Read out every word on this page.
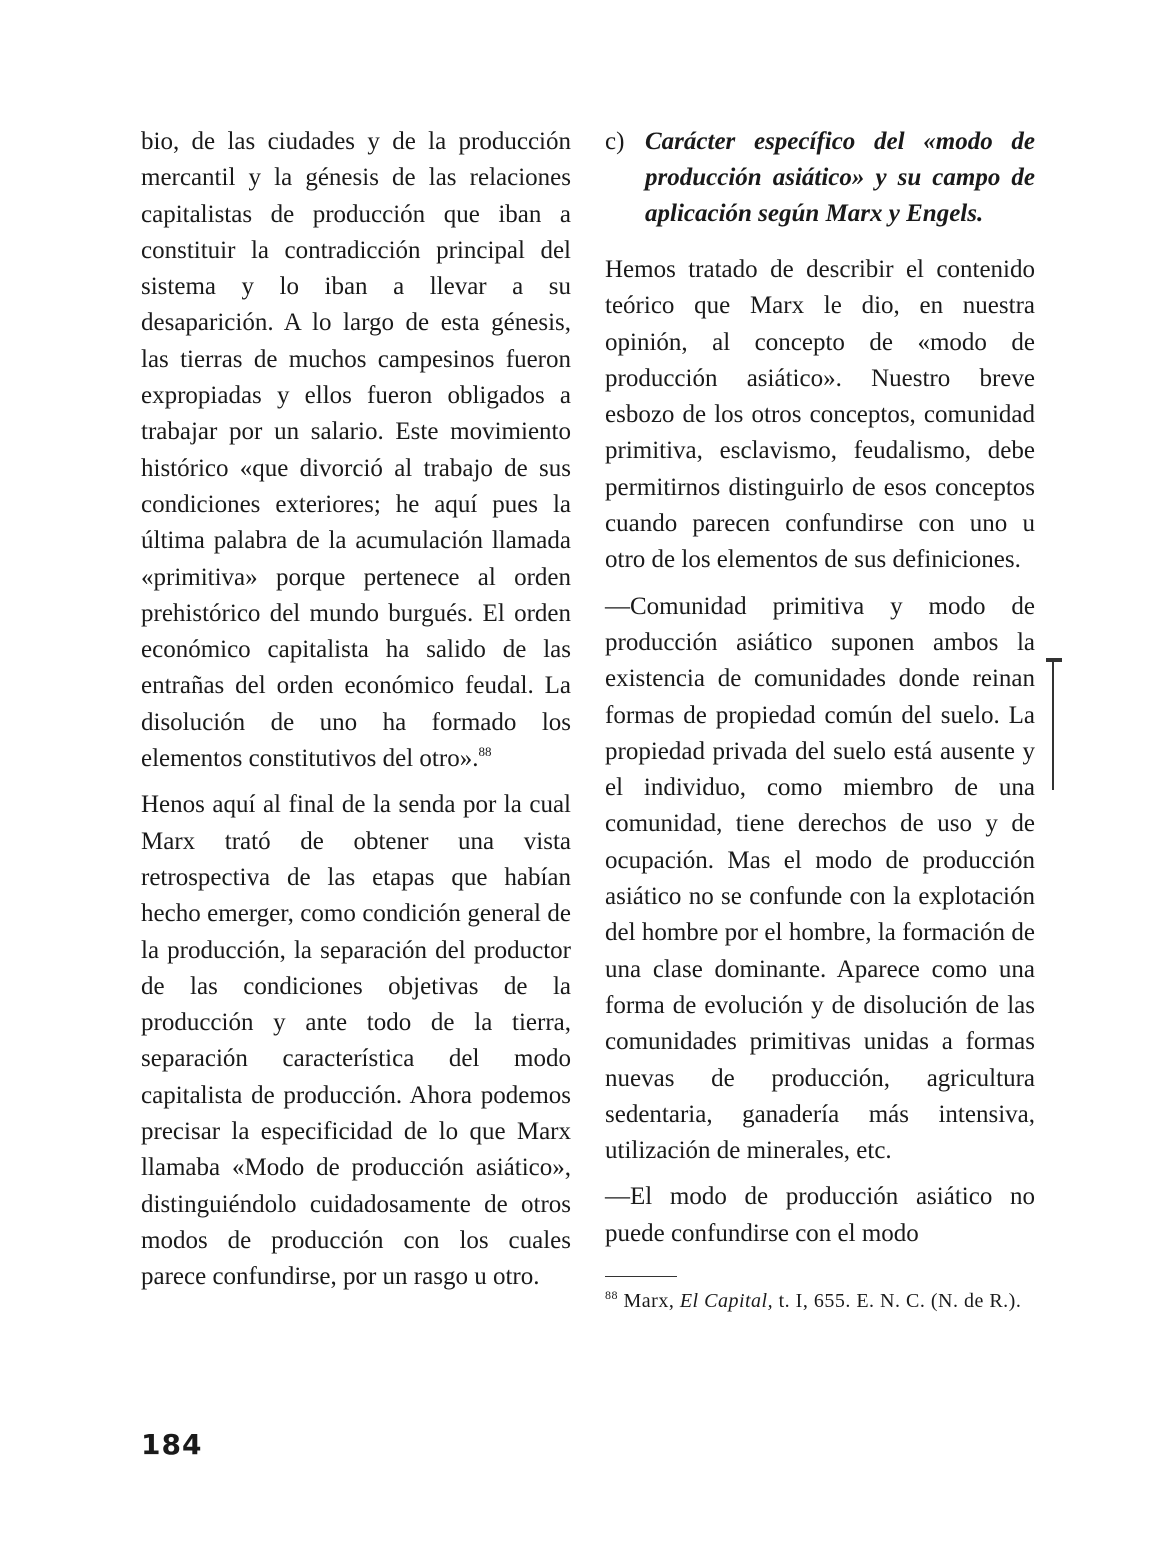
bio, de las ciudades y de la producción mercantil y la génesis de las relaciones capitalistas de producción que iban a constituir la contradicción principal del sistema y lo iban a llevar a su desaparición. A lo largo de esta génesis, las tierras de muchos campesinos fueron expropiadas y ellos fueron obligados a trabajar por un salario. Este movimiento histórico «que divorció al trabajo de sus condiciones exteriores; he aquí pues la última palabra de la acumulación llamada «primitiva» porque pertenece al orden prehistórico del mundo burgués. El orden económico capitalista ha salido de las entrañas del orden económico feudal. La disolución de uno ha formado los elementos constitutivos del otro».$^{88}$

Henos aquí al final de la senda por la cual Marx trató de obtener una vista retrospectiva de las etapas que habían hecho emerger, como condición general de la producción, la separación del productor de las condiciones objetivas de la producción y ante todo de la tierra, separación característica del modo capitalista de producción. Ahora podemos precisar la especificidad de lo que Marx llamaba «Modo de producción asiático», distinguiéndolo cuidadosamente de otros modos de producción con los cuales parece confundirse, por un rasgo u otro.

c) Carácter específico del «modo de producción asiático» y su campo de aplicación según Marx y Engels.

Hemos tratado de describir el contenido teórico que Marx le dio, en nuestra opinión, al concepto de «modo de producción asiático». Nuestro breve esbozo de los otros conceptos, comunidad primitiva, esclavismo, feudalismo, debe permitirnos distinguirlo de esos conceptos cuando parecen confundirse con uno u otro de los elementos de sus definiciones.

—Comunidad primitiva y modo de producción asiático suponen ambos la existencia de comunidades donde reinan formas de propiedad común del suelo. La propiedad privada del suelo está ausente y el individuo, como miembro de una comunidad, tiene derechos de uso y de ocupación. Mas el modo de producción asiático no se confunde con la explotación del hombre por el hombre, la formación de una clase dominante. Aparece como una forma de evolución y de disolución de las comunidades primitivas unidas a formas nuevas de producción, agricultura sedentaria, ganadería más intensiva, utilización de minerales, etc.

—El modo de producción asiático no puede confundirse con el modo

$^{88}$ Marx, El Capital, t. I, 655. E. N. C. (N. de R.).

184
